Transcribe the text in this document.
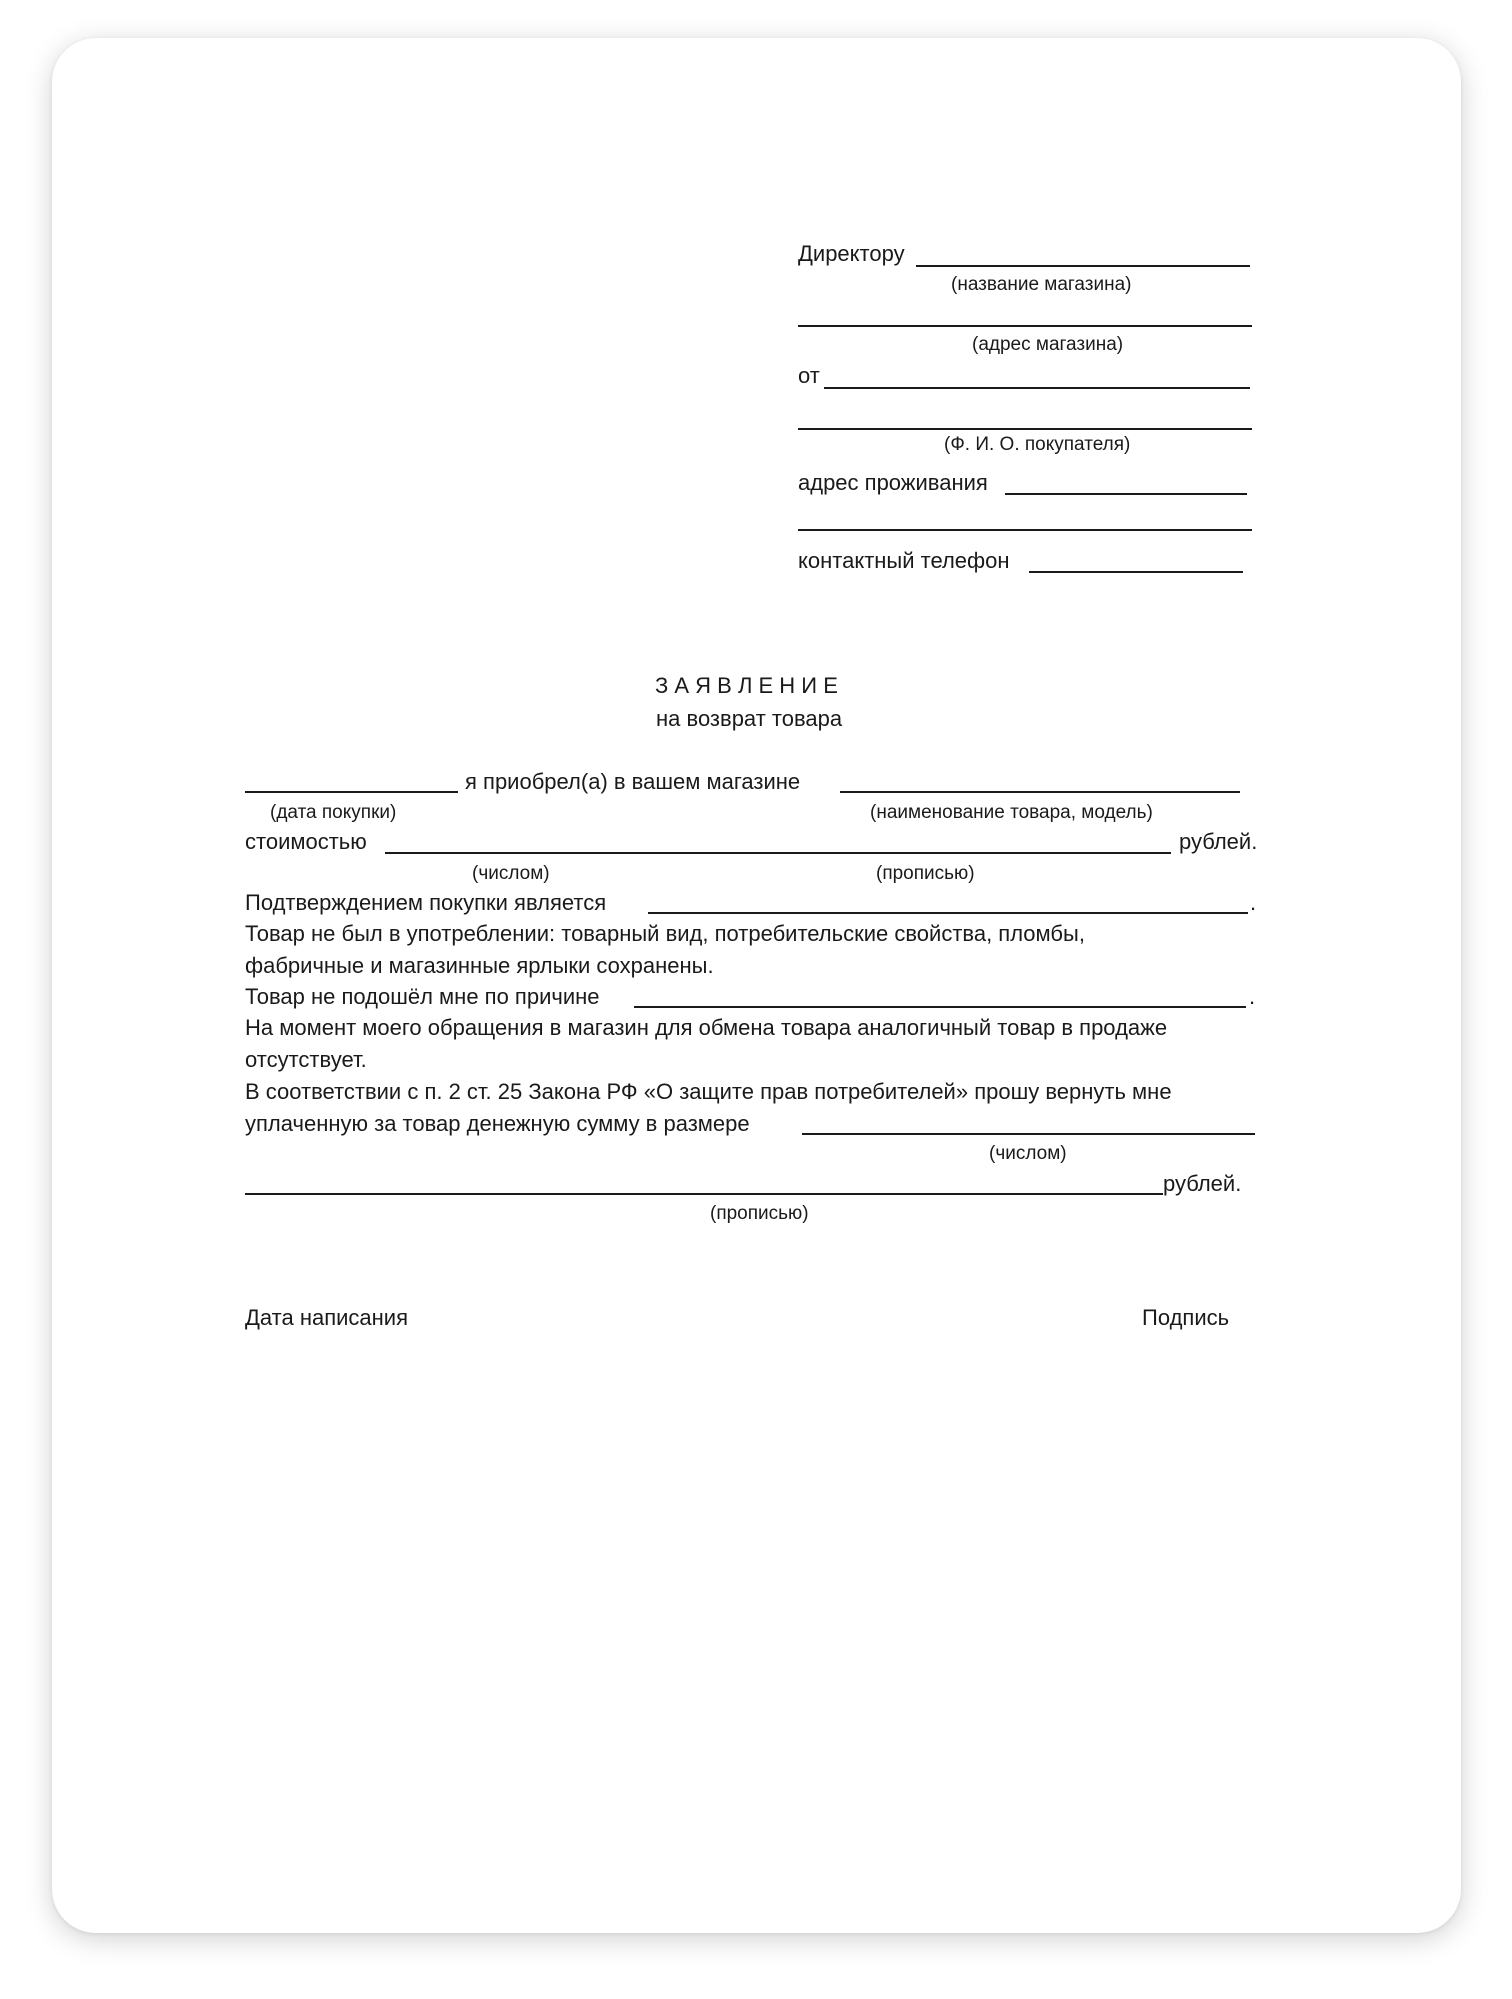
Директору
(название магазина)
(адрес магазина)
от
(Ф. И. О. покупателя)
адрес проживания
контактный телефон
З А Я В Л Е Н И Е
на возврат товара
я приобрел(а) в вашем магазине
(дата покупки)	(наименование товара, модель)
стоимостью	рублей.
(числом)	(прописью)
Подтверждением покупки является	.
Товар не был в употреблении: товарный вид, потребительские свойства, пломбы,
фабричные и магазинные ярлыки сохранены.
Товар не подошёл мне по причине	.
На момент моего обращения в магазин для обмена товара аналогичный товар в продаже
отсутствует.
В соответствии с п. 2 ст. 25 Закона РФ «О защите прав потребителей» прошу вернуть мне
уплаченную за товар денежную сумму в размере
(числом)
рублей.
(прописью)
Дата написания	Подпись
